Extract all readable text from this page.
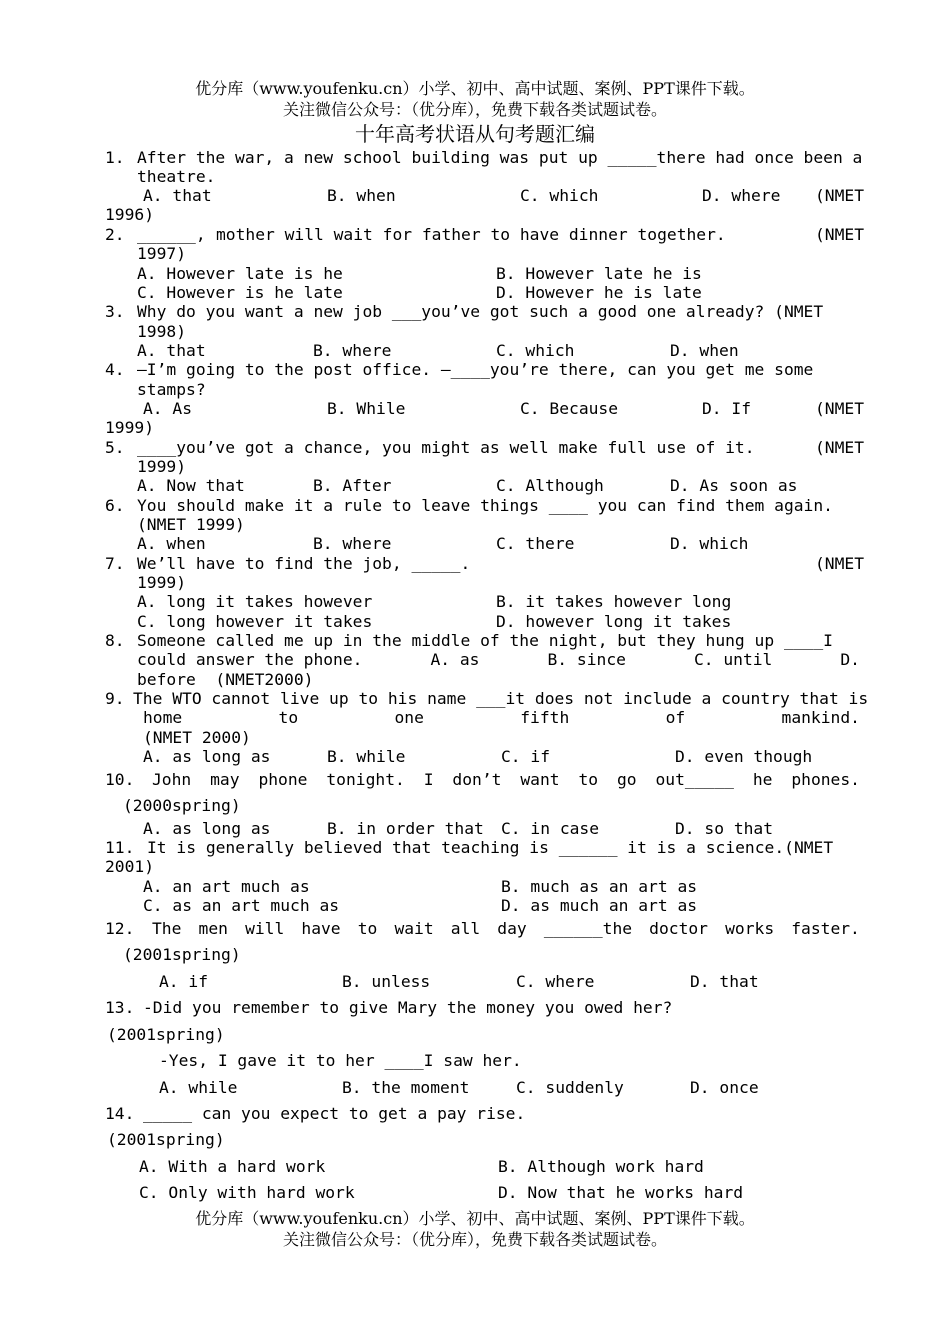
优分库（www.youfenku.cn）小学、初中、高中试题、案例、PPT课件下载。
关注微信公众号：（优分库），免费下载各类试题试卷。
十年高考状语从句考题汇编
1. After the war, a new school building was put up _____there had once been a
theatre.
A. that	B. when	C. which	D. where (NMET
1996)
2. ______, mother will wait for father to have dinner together.	(NMET
1997)
A. However late is he	B. However late he is
C. However is he late	D. However he is late
3. Why do you want a new job ___you’ve got such a good one already? (NMET
1998)
A. that	B. where	C. which	D. when
4. —I’m going to the post office. —____you’re there, can you get me some
stamps?
A. As	B. While	C. Because	D. If	(NMET
1999)
5. ____you’ve got a chance, you might as well make full use of it.	(NMET
1999)
A. Now that	B. After	C. Although	D. As soon as
6. You should make it a rule to leave things ____ you can find them again.
(NMET 1999)
A. when	B. where	C. there	D. which
7. We’ll have to find the job, _____.	(NMET
1999)
A. long it takes however	B. it takes however long
C. long however it takes	D. however long it takes
8. Someone called me up in the middle of the night, but they hung up ____I
could answer the phone.	A. as	B. since	C. until	D.
before  (NMET2000)
9. The WTO cannot live up to his name ___it does not include a country that is
home	to	one	fifth	of	mankind.
(NMET 2000)
A. as long as	B. while	C. if	D. even though
10. John may phone tonight. I don’t want to go out_____ he phones.
(2000spring)
A. as long as	B. in order that C. in case	D. so that
11. It is generally believed that teaching is ______ it is a science.(NMET
2001)
A. an art much as	B. much as an art as
C. as an art much as	D. as much an art as
12. The men will have to wait all day ______the doctor works faster.
(2001spring)
A. if	B. unless	C. where	D. that
13. -Did you remember to give Mary the money you owed her?
(2001spring)
-Yes, I gave it to her ____I saw her.
A. while	B. the moment	C. suddenly	D. once
14. _____ can you expect to get a pay rise.
(2001spring)
A. With a hard work	B. Although work hard
C. Only with hard work	D. Now that he works hard
优分库（www.youfenku.cn）小学、初中、高中试题、案例、PPT课件下载。
关注微信公众号：（优分库），免费下载各类试题试卷。
